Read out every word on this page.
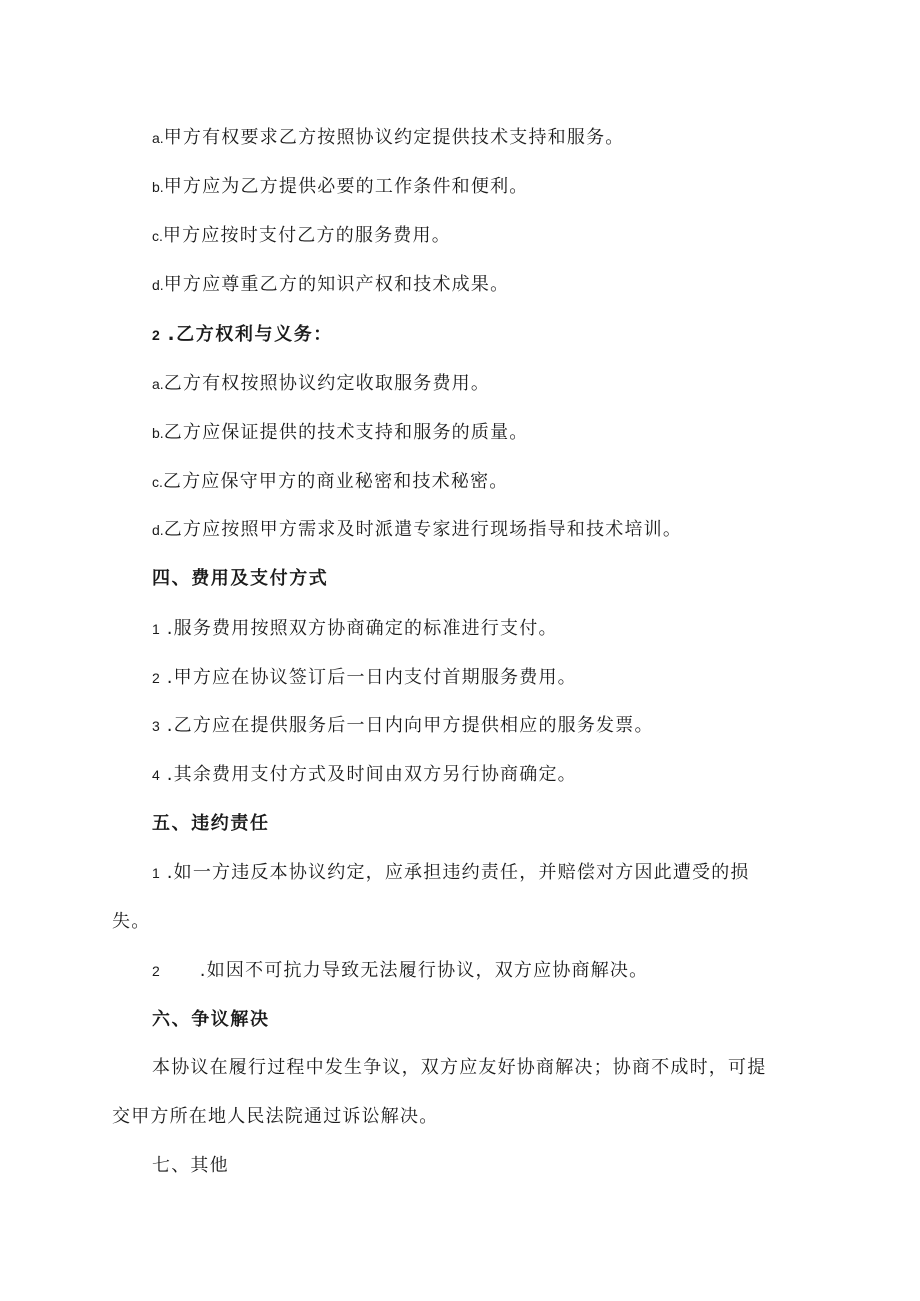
a.甲方有权要求乙方按照协议约定提供技术支持和服务。
b.甲方应为乙方提供必要的工作条件和便利。
c.甲方应按时支付乙方的服务费用。
d.甲方应尊重乙方的知识产权和技术成果。
2 .乙方权利与义务：
a.乙方有权按照协议约定收取服务费用。
b.乙方应保证提供的技术支持和服务的质量。
c.乙方应保守甲方的商业秘密和技术秘密。
d.乙方应按照甲方需求及时派遣专家进行现场指导和技术培训。
四、费用及支付方式
1 .服务费用按照双方协商确定的标准进行支付。
2 .甲方应在协议签订后一日内支付首期服务费用。
3 .乙方应在提供服务后一日内向甲方提供相应的服务发票。
4 .其余费用支付方式及时间由双方另行协商确定。
五、违约责任
1 .如一方违反本协议约定，应承担违约责任，并赔偿对方因此遭受的损
失。
2 .如因不可抗力导致无法履行协议，双方应协商解决。
六、争议解决
本协议在履行过程中发生争议，双方应友好协商解决；协商不成时，可提
交甲方所在地人民法院通过诉讼解决。
七、其他
